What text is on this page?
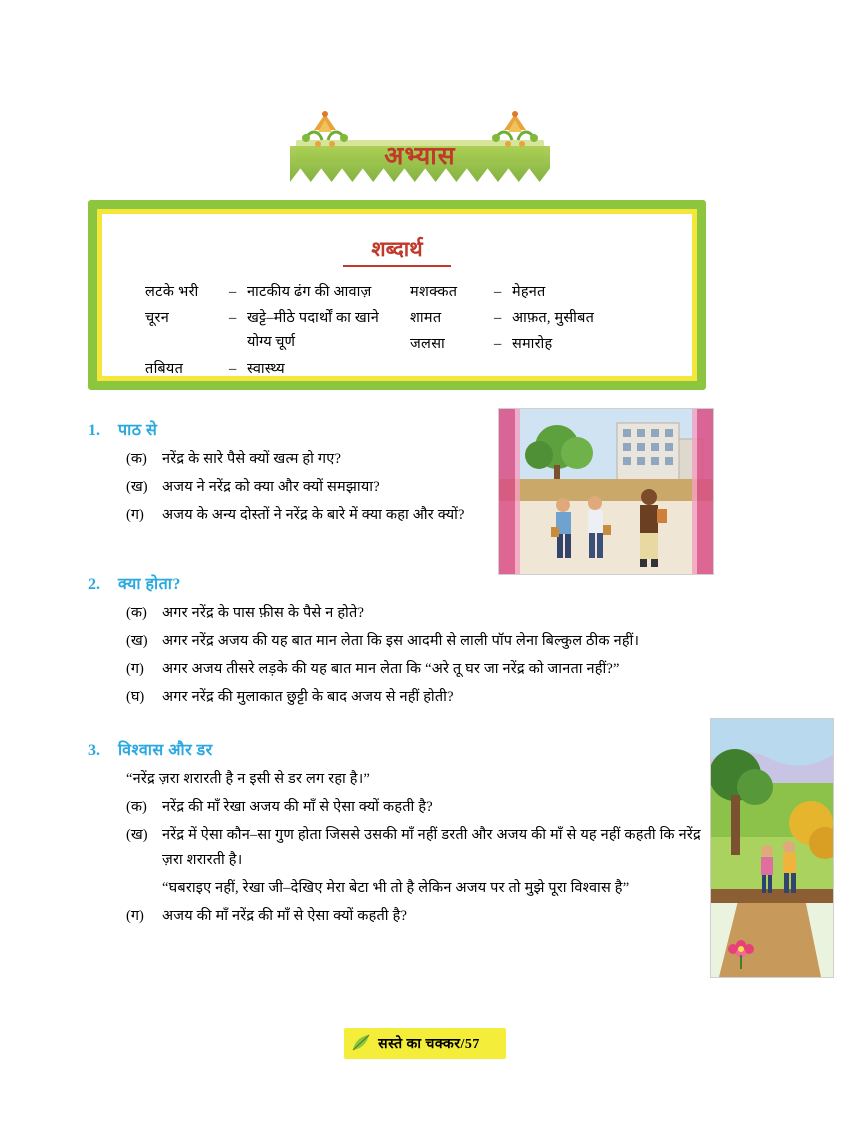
अभ्यास
शब्दार्थ
लटके भरी	– नाटकीय ढंग की आवाज़
चूरन	– खट्टे–मीठे पदार्थों का खाने
योग्य चूर्ण
तबियत	– स्वास्थ्य
मशक्कत	– मेहनत
शामत	– आफ़त, मुसीबत
जलसा	– समारोह
1.	पाठ से
(क)	नरेंद्र के सारे पैसे क्यों खत्म हो गए?
(ख) अजय ने नरेंद्र को क्या और क्यों समझाया?
(ग)	अजय के अन्य दोस्तों ने नरेंद्र के बारे में क्या कहा और क्यों?
2.	क्या होता?
(क)	अगर नरेंद्र के पास फ़ीस के पैसे न होते?
(ख) अगर नरेंद्र अजय की यह बात मान लेता कि इस आदमी से लाली पॉप लेना बिल्कुल ठीक नहीं।
(ग)	अगर अजय तीसरे लड़के की यह बात मान लेता कि “अरे तू घर जा नरेंद्र को जानता नहीं?”
(घ)	अगर नरेंद्र की मुलाकात छुट्टी के बाद अजय से नहीं होती?
3.	विश्वास और डर
“नरेंद्र ज़रा शरारती है न इसी से डर लग रहा है।”
(क)	नरेंद्र की माँ रेखा अजय की माँ से ऐसा क्यों कहती है?
(ख) नरेंद्र में ऐसा कौन–सा गुण होता जिससे उसकी माँ नहीं डरती और अजय की माँ से यह नहीं कहती कि नरेंद्र ज़रा शरारती है।
“घबराइए नहीं, रेखा जी–देखिए मेरा बेटा भी तो है लेकिन अजय पर तो मुझे पूरा विश्वास है”
(ग)	अजय की माँ नरेंद्र की माँ से ऐसा क्यों कहती है?
सस्ते का चक्कर/57
